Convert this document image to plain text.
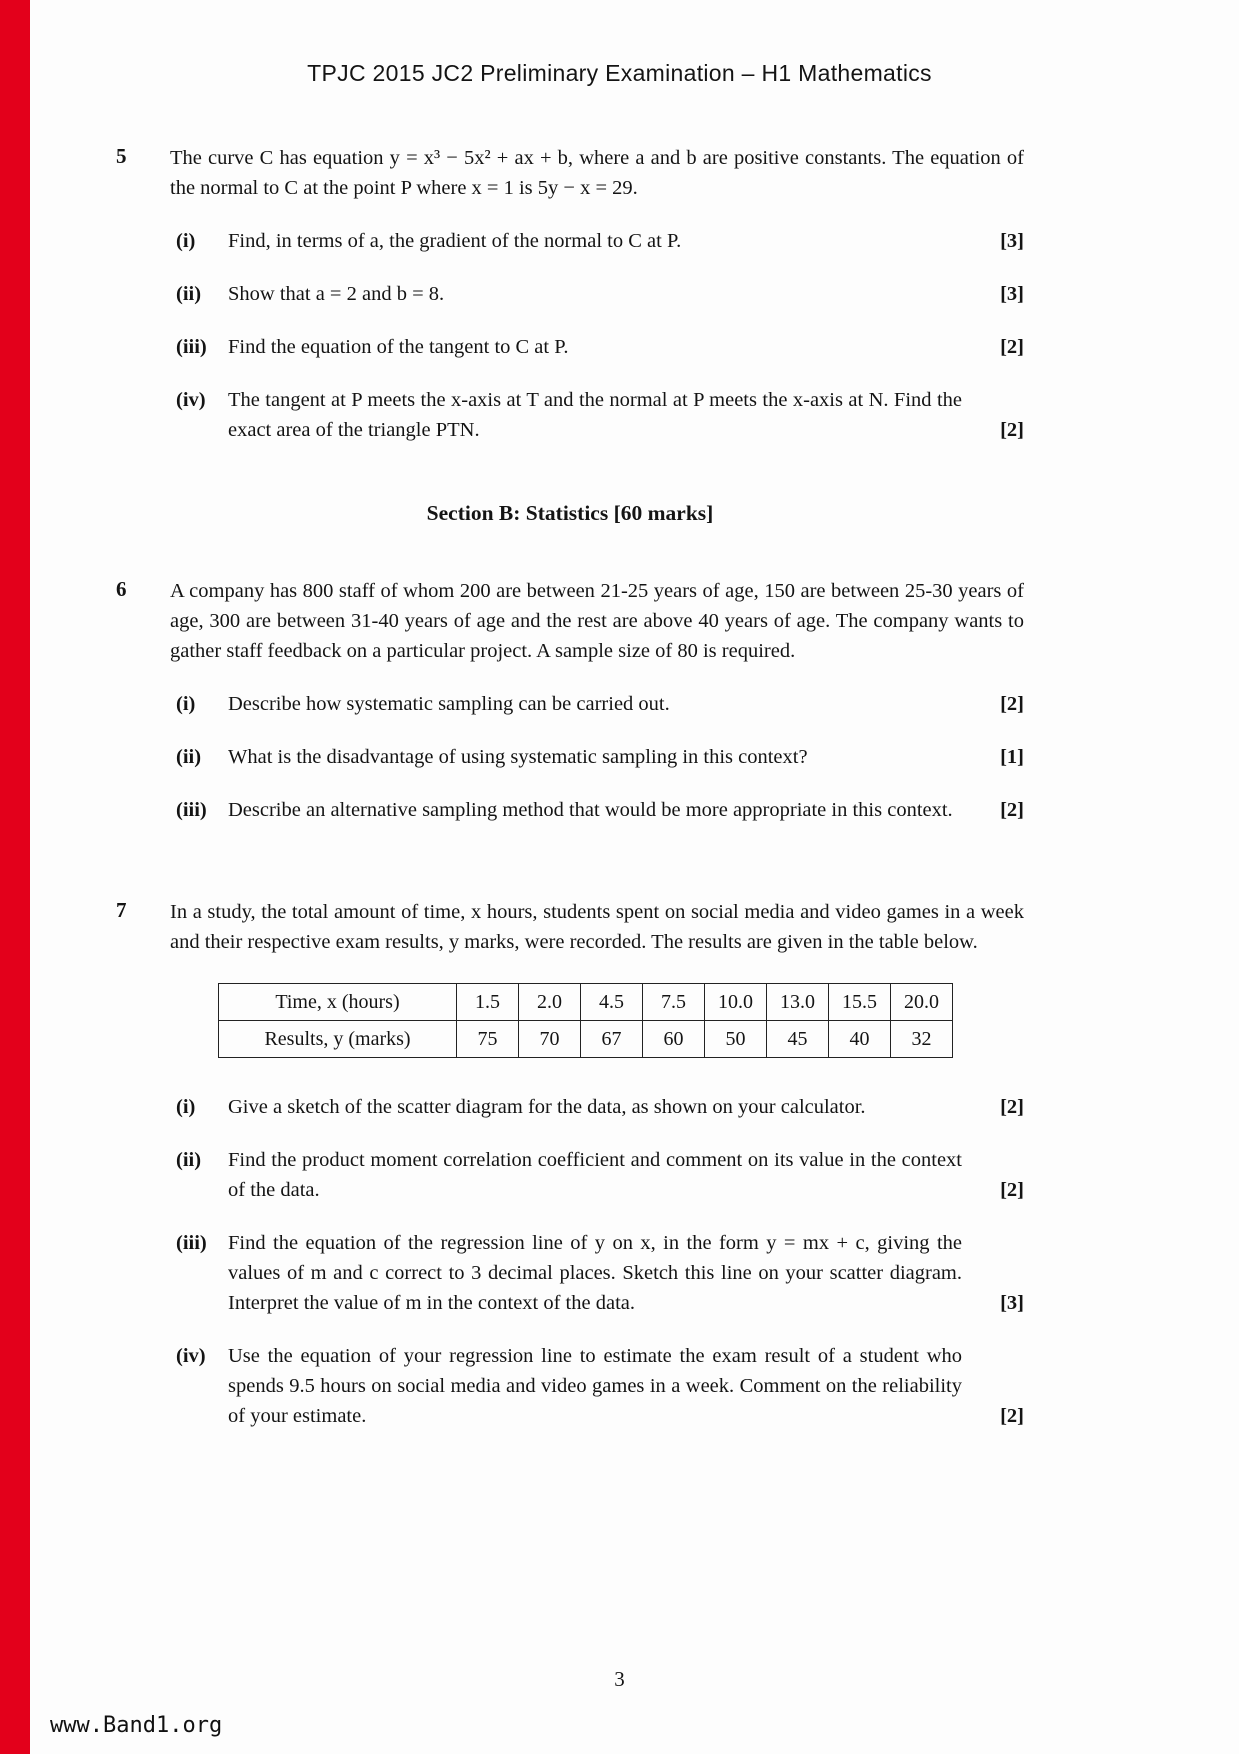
TPJC 2015 JC2 Preliminary Examination – H1 Mathematics
5	The curve C has equation y = x³ − 5x² + ax + b, where a and b are positive constants. The equation of the normal to C at the point P where x = 1 is 5y − x = 29.

(i)	Find, in terms of a, the gradient of the normal to C at P.	[3]
(ii)	Show that a = 2 and b = 8.	[3]
(iii)	Find the equation of the tangent to C at P.	[2]
(iv)	The tangent at P meets the x-axis at T and the normal at P meets the x-axis at N. Find the exact area of the triangle PTN.	[2]
Section B: Statistics [60 marks]
6	A company has 800 staff of whom 200 are between 21-25 years of age, 150 are between 25-30 years of age, 300 are between 31-40 years of age and the rest are above 40 years of age. The company wants to gather staff feedback on a particular project. A sample size of 80 is required.

(i)	Describe how systematic sampling can be carried out.	[2]
(ii)	What is the disadvantage of using systematic sampling in this context?	[1]
(iii)	Describe an alternative sampling method that would be more appropriate in this context.	[2]
7	In a study, the total amount of time, x hours, students spent on social media and video games in a week and their respective exam results, y marks, were recorded. The results are given in the table below.

Time, x (hours)	1.5	2.0	4.5	7.5	10.0	13.0	15.5	20.0
Results, y (marks)	75	70	67	60	50	45	40	32
(i)	Give a sketch of the scatter diagram for the data, as shown on your calculator.	[2]
(ii)	Find the product moment correlation coefficient and comment on its value in the context of the data.	[2]
(iii)	Find the equation of the regression line of y on x, in the form y = mx + c, giving the values of m and c correct to 3 decimal places. Sketch this line on your scatter diagram. Interpret the value of m in the context of the data.	[3]
(iv)	Use the equation of your regression line to estimate the exam result of a student who spends 9.5 hours on social media and video games in a week. Comment on the reliability of your estimate.	[2]
3
www.Band1.org
